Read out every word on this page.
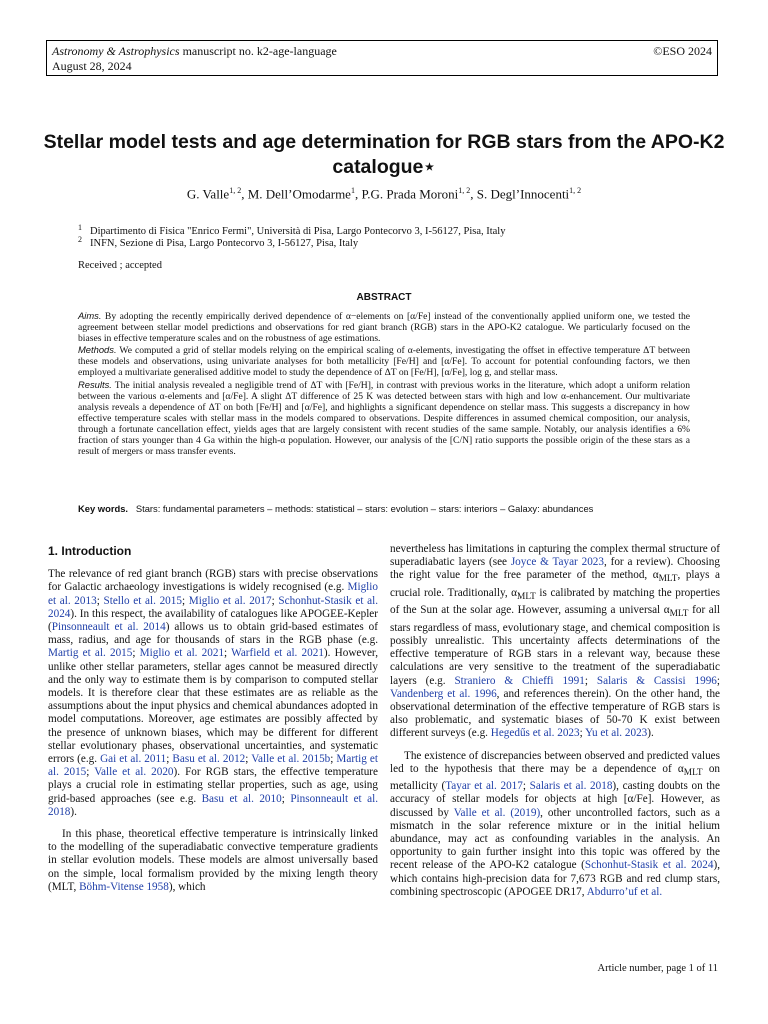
Astronomy & Astrophysics manuscript no. k2-age-language
August 28, 2024
©ESO 2024
Stellar model tests and age determination for RGB stars from the APO-K2 catalogue⋆
G. Valle$^{1, 2}$, M. Dell’Omodarme$^1$, P.G. Prada Moroni$^{1, 2}$, S. Degl’Innocenti$^{1, 2}$
1 Dipartimento di Fisica "Enrico Fermi", Università di Pisa, Largo Pontecorvo 3, I-56127, Pisa, Italy
2 INFN, Sezione di Pisa, Largo Pontecorvo 3, I-56127, Pisa, Italy
Received ; accepted
ABSTRACT

Aims. By adopting the recently empirically derived dependence of α−elements on [α/Fe] instead of the conventionally applied uniform one, we tested the agreement between stellar model predictions and observations for red giant branch (RGB) stars in the APO-K2 catalogue. We particularly focused on the biases in effective temperature scales and on the robustness of age estimations.

Methods. We computed a grid of stellar models relying on the empirical scaling of α-elements, investigating the offset in effective temperature ΔT between these models and observations, using univariate analyses for both metallicity [Fe/H] and [α/Fe]. To account for potential confounding factors, we then employed a multivariate generalised additive model to study the dependence of ΔT on [Fe/H], [α/Fe], log g, and stellar mass.

Results. The initial analysis revealed a negligible trend of ΔT with [Fe/H], in contrast with previous works in the literature, which adopt a uniform relation between the various α-elements and [α/Fe]. A slight ΔT difference of 25 K was detected between stars with high and low α-enhancement. Our multivariate analysis reveals a dependence of ΔT on both [Fe/H] and [α/Fe], and highlights a significant dependence on stellar mass. This suggests a discrepancy in how effective temperature scales with stellar mass in the models compared to observations. Despite differences in assumed chemical composition, our analysis, through a fortunate cancellation effect, yields ages that are largely consistent with recent studies of the same sample. Notably, our analysis identifies a 6% fraction of stars younger than 4 Ga within the high-α population. However, our analysis of the [C/N] ratio supports the possible origin of the these stars as a result of mergers or mass transfer events.

Key words. Stars: fundamental parameters – methods: statistical – stars: evolution – stars: interiors – Galaxy: abundances
1. Introduction

The relevance of red giant branch (RGB) stars with precise observations for Galactic archaeology investigations is widely recognised (e.g. Miglio et al. 2013; Stello et al. 2015; Miglio et al. 2017; Schonhut-Stasik et al. 2024). In this respect, the availability of catalogues like APOGEE-Kepler (Pinsonneault et al. 2014) allows us to obtain grid-based estimates of mass, radius, and age for thousands of stars in the RGB phase (e.g. Martig et al. 2015; Miglio et al. 2021; Warfield et al. 2021). However, unlike other stellar parameters, stellar ages cannot be measured directly and the only way to estimate them is by comparison to computed stellar models. It is therefore clear that these estimates are as reliable as the assumptions about the input physics and chemical abundances adopted in model computations. Moreover, age estimates are possibly affected by the presence of unknown biases, which may be different for different stellar evolutionary phases, observational uncertainties, and systematic errors (e.g. Gai et al. 2011; Basu et al. 2012; Valle et al. 2015b; Martig et al. 2015; Valle et al. 2020). For RGB stars, the effective temperature plays a crucial role in estimating stellar properties, such as age, using grid-based approaches (see e.g. Basu et al. 2010; Pinsonneault et al. 2018).

In this phase, theoretical effective temperature is intrinsically linked to the modelling of the superadiabatic convective temperature gradients in stellar evolution models. These models are almost universally based on the simple, local formalism provided by the mixing length theory (MLT, Böhm-Vitense 1958), which

nevertheless has limitations in capturing the complex thermal structure of superadiabatic layers (see Joyce & Tayar 2023, for a review). Choosing the right value for the free parameter of the method, $\alpha_{MLT}$, plays a crucial role. Traditionally, $\alpha_{MLT}$ is calibrated by matching the properties of the Sun at the solar age. However, assuming a universal $\alpha_{MLT}$ for all stars regardless of mass, evolutionary stage, and chemical composition is possibly unrealistic. This uncertainty affects determinations of the effective temperature of RGB stars in a relevant way, because these calculations are very sensitive to the treatment of the superadiabatic layers (e.g. Straniero & Chieffi 1991; Salaris & Cassisi 1996; Vandenberg et al. 1996, and references therein). On the other hand, the observational determination of the effective temperature of RGB stars is also problematic, and systematic biases of 50-70 K exist between different surveys (e.g. Hegedűs et al. 2023; Yu et al. 2023).

The existence of discrepancies between observed and predicted values led to the hypothesis that there may be a dependence of $\alpha_{MLT}$ on metallicity (Tayar et al. 2017; Salaris et al. 2018), casting doubts on the accuracy of stellar models for objects at high [α/Fe]. However, as discussed by Valle et al. (2019), other uncontrolled factors, such as a mismatch in the solar reference mixture or in the initial helium abundance, may act as confounding variables in the analysis. An opportunity to gain further insight into this topic was offered by the recent release of the APO-K2 catalogue (Schonhut-Stasik et al. 2024), which contains high-precision data for 7,673 RGB and red clump stars, combining spectroscopic (APOGEE DR17, Abdurro’uf et al.

Article number, page 1 of 11
